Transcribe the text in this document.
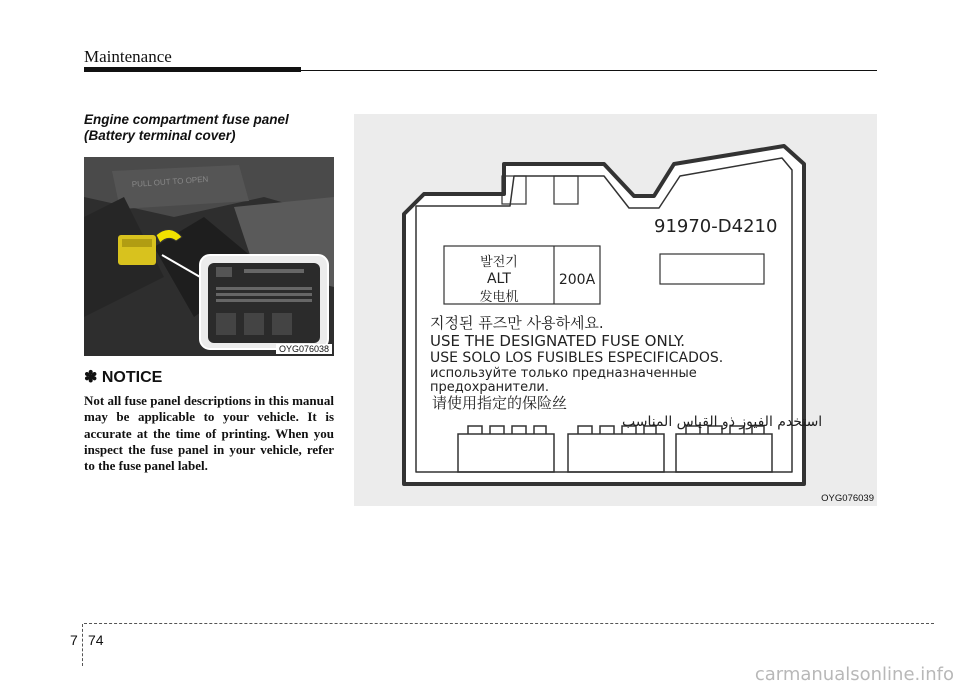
Maintenance
Engine compartment fuse panel
(Battery terminal cover)
PULL OUT TO OPEN
OYG076038
✽ NOTICE
Not all fuse panel descriptions in this manual may be applicable to your vehicle. It is accurate at the time of printing. When you inspect the fuse panel in your vehicle, refer to the fuse panel label.
91970-D4210
발전기
ALT
发电机
200A
지정된 퓨즈만 사용하세요.
USE THE DESIGNATED FUSE ONLY.
USE SOLO LOS FUSIBLES ESPECIFICADOS.
используйте только предназначенные
предохранители.
请使用指定的保险丝
استخدم الفيوز ذو القياس المناسب
OYG076039
7 74
carmanualsonline.info
